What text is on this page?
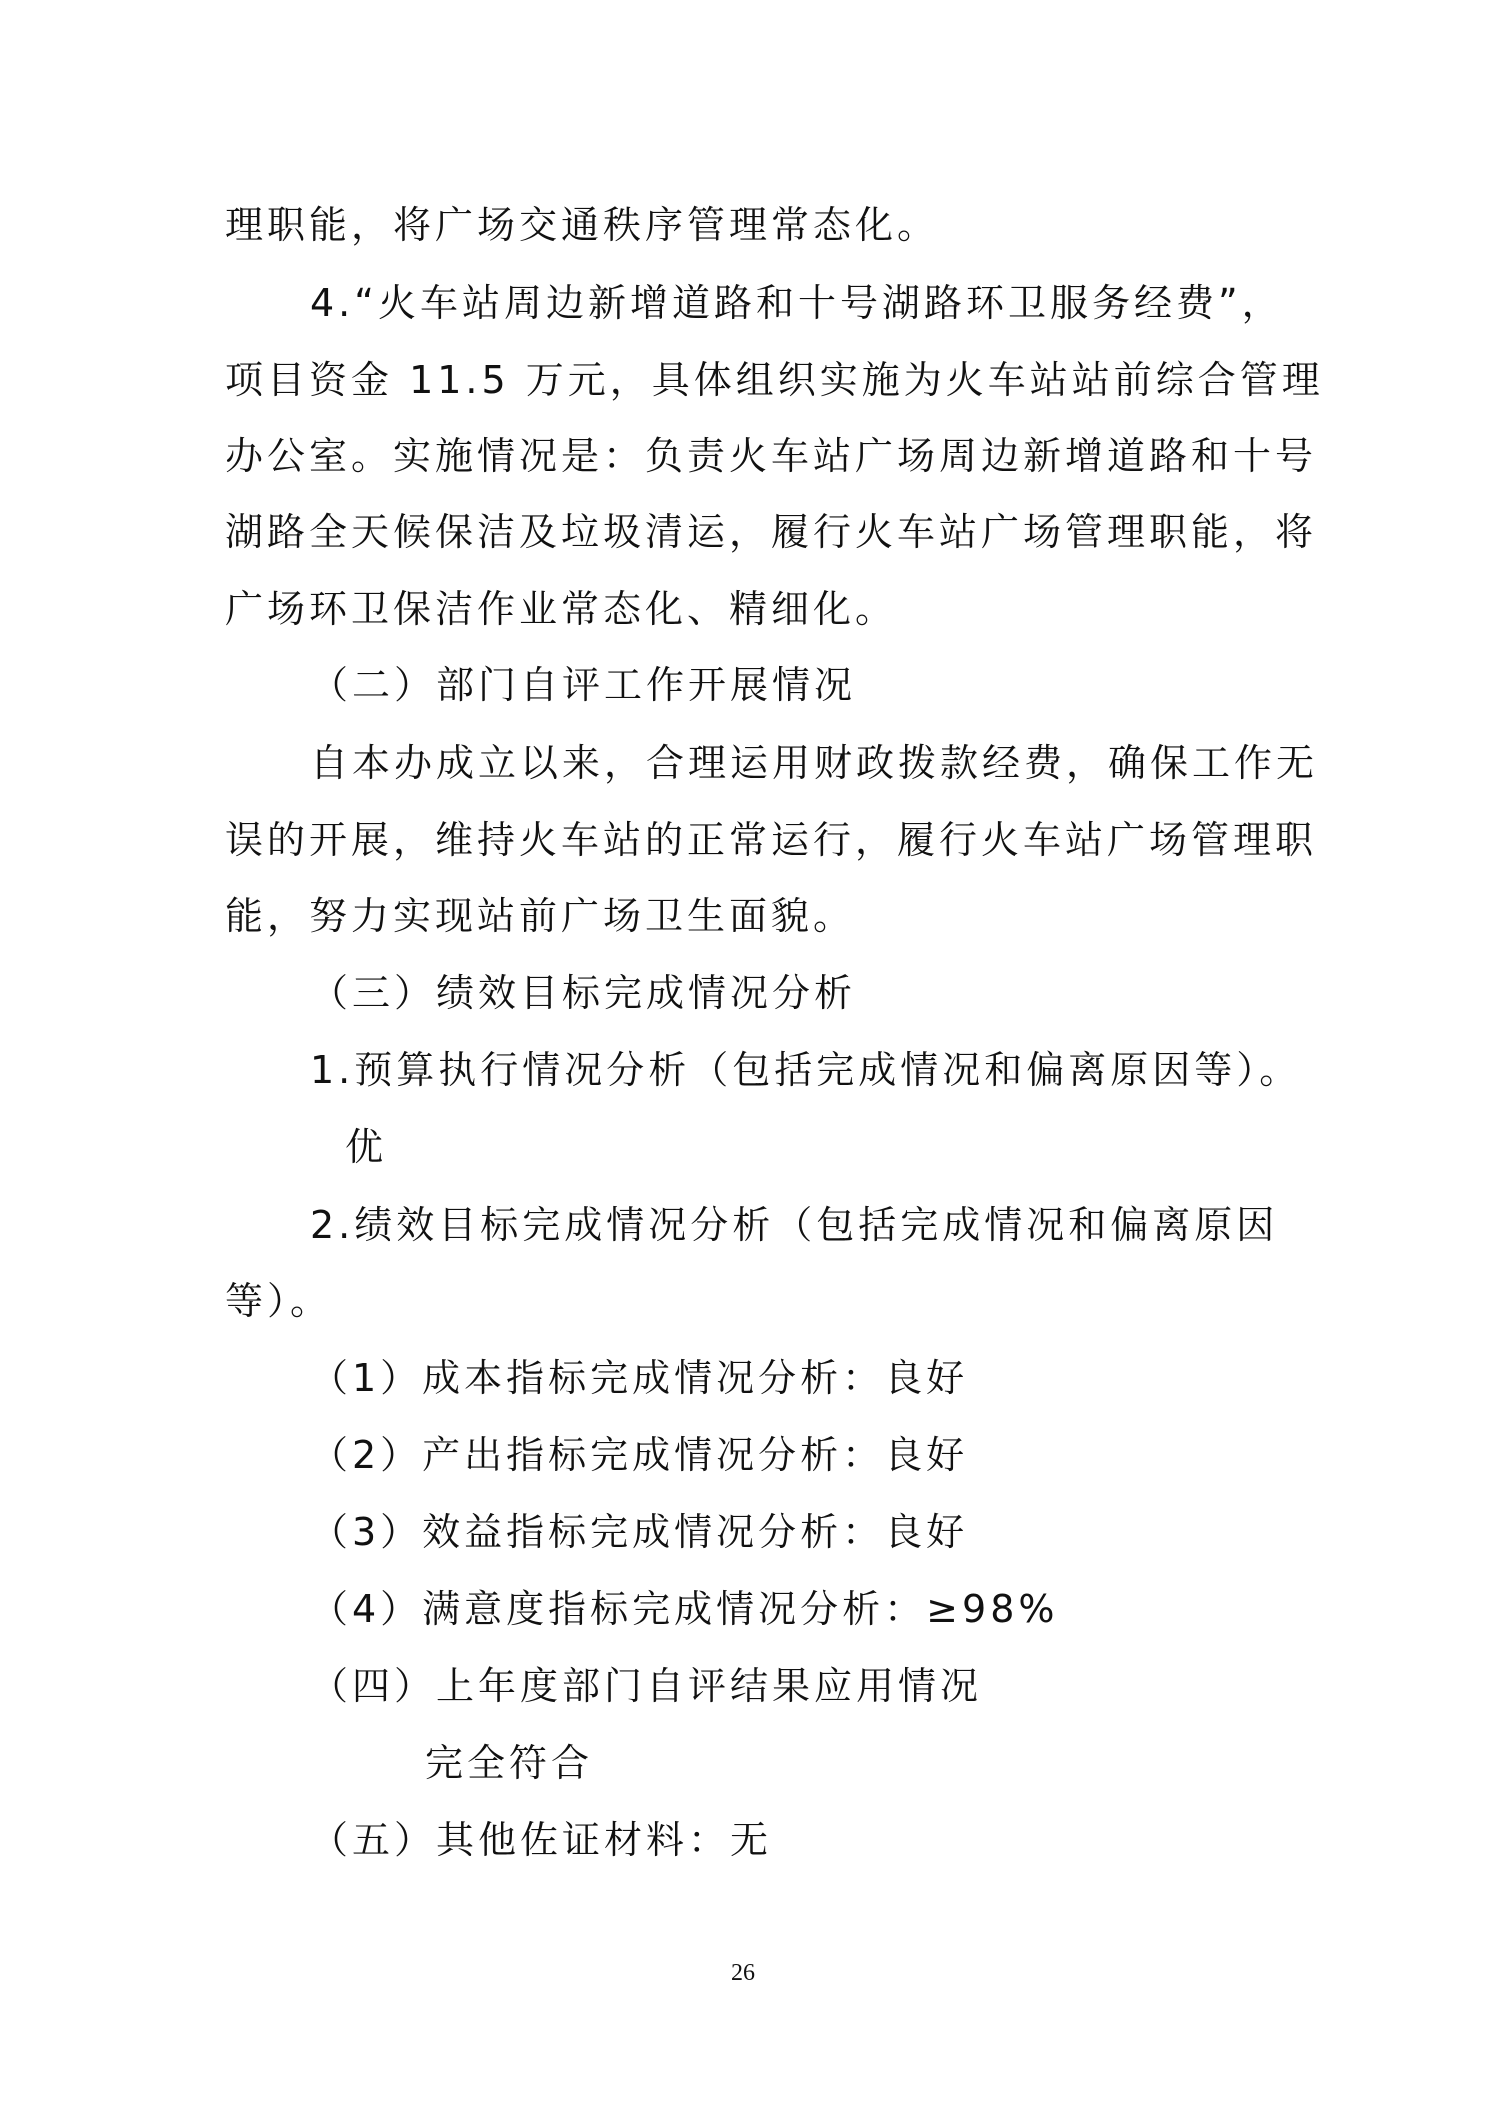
理职能，将广场交通秩序管理常态化。
4.“火车站周边新增道路和十号湖路环卫服务经费”，
项目资金 11.5 万元，具体组织实施为火车站站前综合管理
办公室。实施情况是：负责火车站广场周边新增道路和十号
湖路全天候保洁及垃圾清运，履行火车站广场管理职能，将
广场环卫保洁作业常态化、精细化。
（二）部门自评工作开展情况
自本办成立以来，合理运用财政拨款经费，确保工作无
误的开展，维持火车站的正常运行，履行火车站广场管理职
能，努力实现站前广场卫生面貌。
（三）绩效目标完成情况分析
1.预算执行情况分析（包括完成情况和偏离原因等）。
优
2.绩效目标完成情况分析（包括完成情况和偏离原因
等）。
（1）成本指标完成情况分析：良好
（2）产出指标完成情况分析：良好
（3）效益指标完成情况分析：良好
（4）满意度指标完成情况分析：≥98%
（四）上年度部门自评结果应用情况
完全符合
（五）其他佐证材料：无
26
